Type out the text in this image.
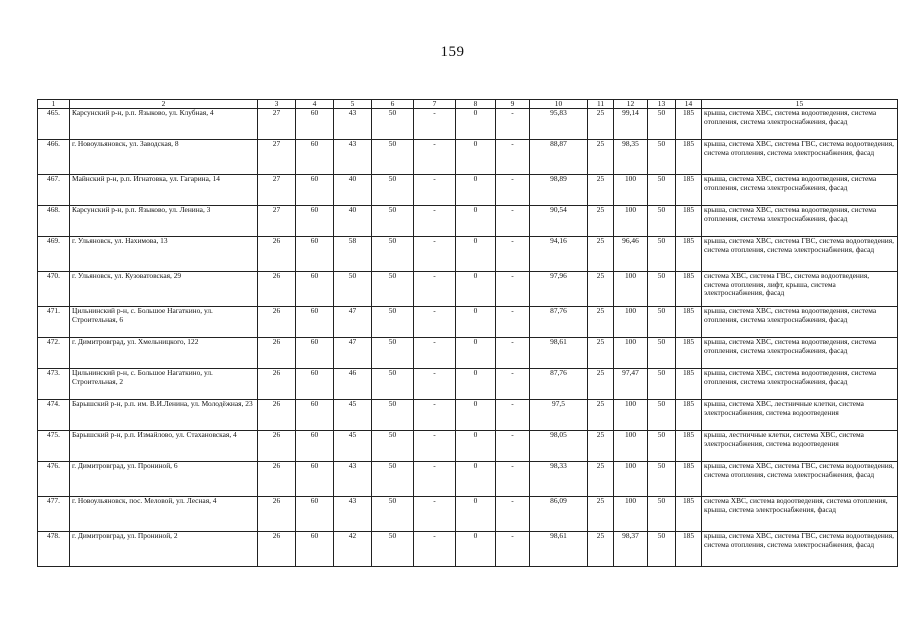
159
1	2	3	4	5	6	7	8	9	10	11	12	13	14	15
465.	Карсунский р-н, р.п. Языково, ул. Клубная, 4	27	60	43	50	-	0	-	95,83	25	99,14	50	185	крыша, система ХВС, система водоотведения, система отопления, система электроснабжения, фасад
466.	г. Новоульяновск, ул. Заводская, 8	27	60	43	50	-	0	-	88,87	25	98,35	50	185	крыша, система ХВС, система ГВС, система водоотведения, система отопления, система электроснабжения, фасад
467.	Майнский р-н, р.п. Игнатовка, ул. Гагарина, 14	27	60	40	50	-	0	-	98,89	25	100	50	185	крыша, система ХВС, система водоотведения, система отопления, система электроснабжения, фасад
468.	Карсунский р-н, р.п. Языково, ул. Ленина, 3	27	60	40	50	-	0	-	90,54	25	100	50	185	крыша, система ХВС, система водоотведения, система отопления, система электроснабжения, фасад
469.	г. Ульяновск, ул. Нахимова, 13	26	60	58	50	-	0	-	94,16	25	96,46	50	185	крыша, система ХВС, система ГВС, система водоотведения, система отопления, система электроснабжения, фасад
470.	г. Ульяновск, ул. Кузоватовская, 29	26	60	50	50	-	0	-	97,96	25	100	50	185	система ХВС, система ГВС, система водоотведения, система отопления, лифт, крыша, система электроснабжения, фасад
471.	Цильнинский р-н, с. Большое Нагаткино, ул. Строительная, 6	26	60	47	50	-	0	-	87,76	25	100	50	185	крыша, система ХВС, система водоотведения, система отопления, система электроснабжения, фасад
472.	г. Димитровград, ул. Хмельницкого, 122	26	60	47	50	-	0	-	98,61	25	100	50	185	крыша, система ХВС, система водоотведения, система отопления, система электроснабжения, фасад
473.	Цильнинский р-н, с. Большое Нагаткино, ул. Строительная, 2	26	60	46	50	-	0	-	87,76	25	97,47	50	185	крыша, система ХВС, система водоотведения, система отопления, система электроснабжения, фасад
474.	Барышский р-н, р.п. им. В.И.Ленина, ул. Молодёжная, 23	26	60	45	50	-	0	-	97,5	25	100	50	185	крыша, система ХВС, лестничные клетки, система электроснабжения, система водоотведения
475.	Барышский р-н, р.п. Измайлово, ул. Стахановская, 4	26	60	45	50	-	0	-	98,05	25	100	50	185	крыша, лестничные клетки, система ХВС, система электроснабжения, система водоотведения
476.	г. Димитровград, ул. Прониной, 6	26	60	43	50	-	0	-	98,33	25	100	50	185	крыша, система ХВС, система ГВС, система водоотведения, система отопления, система электроснабжения, фасад
477.	г. Новоульяновск, пос. Меловой, ул. Лесная, 4	26	60	43	50	-	0	-	86,09	25	100	50	185	система ХВС, система водоотведения, система отопления, крыша, система электроснабжения, фасад
478.	г. Димитровград, ул. Прониной, 2	26	60	42	50	-	0	-	98,61	25	98,37	50	185	крыша, система ХВС, система ГВС, система водоотведения, система отопления, система электроснабжения, фасад
